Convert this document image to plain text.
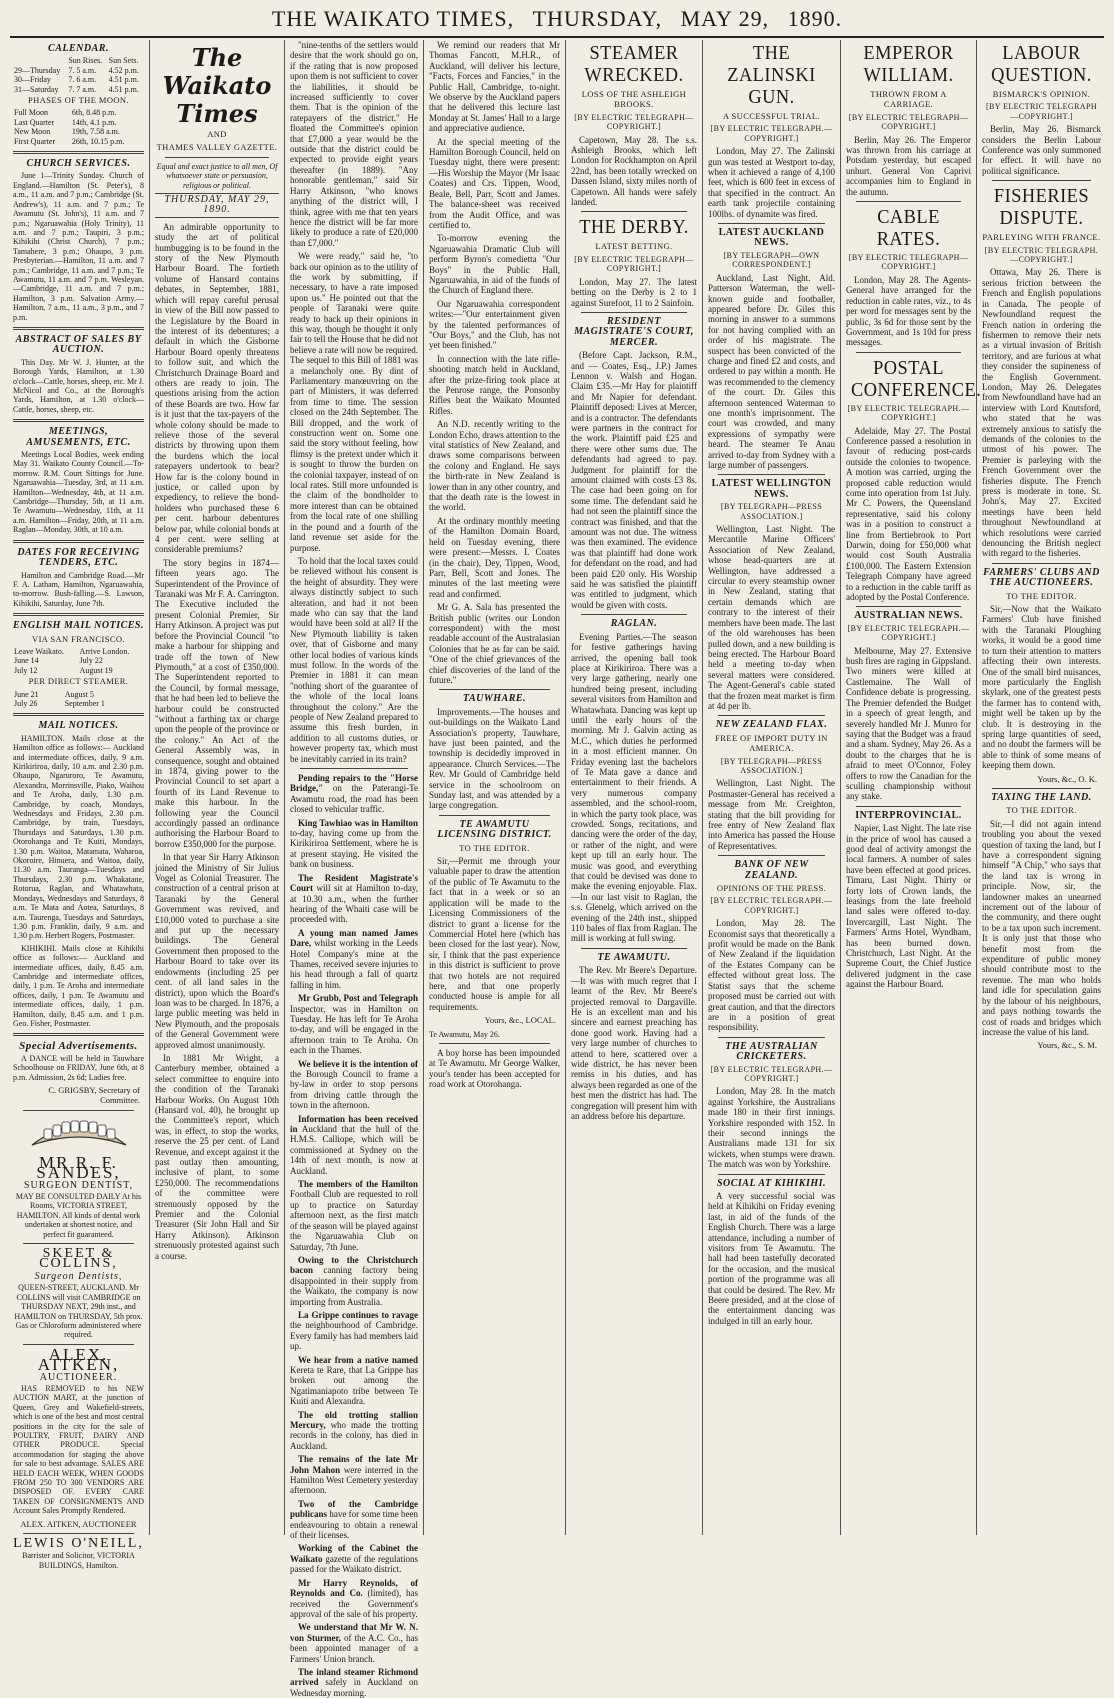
THE WAIKATO TIMES, THURSDAY, MAY 29, 1890.
CALENDAR.
	Sun Rises.	Sun Sets.
29—Thursday	7. 5 a.m.	4.52 p.m.
30—Friday	7. 6 a.m.	4.51 p.m.
31—Saturday	7. 7 a.m.	4.51 p.m.
PHASES OF THE MOON.
Full Moon	6th, 8.48 p.m.
Last Quarter	14th, 4.1 p.m.
New Moon	19th, 7.58 a.m.
First Quarter	26th, 10.15 p.m.
CHURCH SERVICES.

June 1—Trinity Sunday. Church of England.—Hamilton (St. Peter's), 8 a.m., 11 a.m. and 7 p.m.; Cambridge (St. Andrew's), 11 a.m. and 7 p.m.; Te Awamutu (St. John's), 11 a.m. and 7 p.m.; Ngaruawahia (Holy Trinity), 11 a.m. and 7 p.m.; Taupiri, 3 p.m.; Kihikihi (Christ Church), 7 p.m.; Tamahere, 3 p.m.; Ohaupo, 3 p.m. Presbyterian.—Hamilton, 11 a.m. and 7 p.m.; Cambridge, 11 a.m. and 7 p.m.; Te Awamutu, 11 a.m. and 7 p.m. Wesleyan.—Cambridge, 11 a.m. and 7 p.m.; Hamilton, 3 p.m. Salvation Army.—Hamilton, 7 a.m., 11 a.m., 3 p.m., and 7 p.m.

ABSTRACT OF SALES BY AUCTION.

This Day. Mr W. J. Hunter, at the Borough Yards, Hamilton, at 1.30 o'clock—Cattle, horses, sheep, etc. Mr J. McNicol and Co., at the Borough's Yards, Hamilton, at 1.30 o'clock—Cattle, horses, sheep, etc.

MEETINGS, AMUSEMENTS, ETC.

Meetings Local Bodies, week ending May 31. Waikato County Council.—To-morrow. R.M. Court Sittings for June. Ngaruawahia—Tuesday, 3rd, at 11 a.m. Hamilton—Wednesday, 4th, at 11 a.m. Cambridge—Thursday, 5th, at 11 a.m. Te Awamutu—Wednesday, 11th, at 11 a.m. Hamilton—Friday, 20th, at 11 a.m. Raglan—Monday, 30th, at 10 a.m.

DATES FOR RECEIVING TENDERS, ETC.

Hamilton and Cambridge Road.—Mr F. A. Latham, Hamilton, Ngaruawahia, to-morrow. Bush-falling.—S. Lawson, Kihikihi, Saturday, June 7th.

ENGLISH MAIL NOTICES.
VIA SAN FRANCISCO.
Leave Waikato.	Arrive London.
June 14	July 22
July 12	August 19
PER DIRECT STEAMER.
June 21	August 5
July 26	September 1
MAIL NOTICES.

HAMILTON. Mails close at the Hamilton office as follows:— Auckland and intermediate offices, daily, 9 a.m. Kirikiriroa, daily, 10 a.m. and 2.30 p.m. Ohaupo, Ngaruroro, Te Awamutu, Alexandra, Morrinsville, Piako, Waihou and Te Aroha, daily, 1.30 p.m. Cambridge, by coach, Mondays, Wednesdays and Fridays, 2.30 p.m. Cambridge, by train, Tuesdays, Thursdays and Saturdays, 1.30 p.m. Otorohanga and Te Kuiti, Mondays, 1.30 p.m. Waitoa, Matamata, Waharoa, Okoroire, Hinuera, and Waitoa, daily, 11.30 a.m. Tauranga—Tuesdays and Thursdays, 2.30 p.m. Whakatane, Rotorua, Raglan, and Whatawhata, Mondays, Wednesdays and Saturdays, 8 a.m. Te Mata and Aotea, Saturdays, 8 a.m. Taurenga, Tuesdays and Saturdays, 1.30 p.m. Franklin, daily, 9 a.m. and 1.30 p.m. Herbert Rogers, Postmaster.

KIHIKIHI. Mails close at Kihikihi office as follows:— Auckland and intermediate offices, daily, 8.45 a.m. Cambridge and intermediate offices, daily, 1 p.m. Te Aroha and intermediate offices, daily, 1 p.m. Te Awamutu and intermediate offices, daily, 1 p.m. Hamilton, daily, 8.45 a.m. and 1 p.m. Geo. Fisher, Postmaster.

Special Advertisements.

A DANCE will be held in Tauwhare Schoolhouse on FRIDAY, June 6th, at 8 p.m. Admission, 2s 6d; Ladies free.

C. GRIGSBY, Secretary of Committee.
MR R. F. SANDES,
SURGEON DENTIST,

MAY BE CONSULTED DAILY At his Rooms, VICTORIA STREET, HAMILTON. All kinds of dental work undertaken at shortest notice, and perfect fit guaranteed.

SKEET & COLLINS,
Surgeon Dentists,

QUEEN-STREET, AUCKLAND. Mr COLLINS will visit CAMBRIDGE on THURSDAY NEXT, 29th inst., and HAMILTON on THURSDAY, 5th prox. Gas or Chloroform administered where required.

ALEX. AITKEN,
AUCTIONEER.

HAS REMOVED to his NEW AUCTION MART, at the junction of Queen, Grey and Wakefield-streets, which is one of the best and most central positions in the city for the sale of POULTRY, FRUIT, DAIRY AND OTHER PRODUCE. Special accommodation for staging the above for sale to best advantage. SALES ARE HELD EACH WEEK, WHEN GOODS FROM 250 TO 300 VENDORS ARE DISPOSED OF. EVERY CARE TAKEN OF CONSIGNMENTS AND Account Sales Promptly Rendered.

ALEX. AITKEN, AUCTIONEER
LEWIS O'NEILL,

Barrister and Solicitor, VICTORIA BUILDINGS, Hamilton.

The Waikato Times
AND
THAMES VALLEY GAZETTE.

Equal and exact justice to all men, Of whatsoever state or persuasion, religious or political.

THURSDAY, MAY 29, 1890.

An admirable opportunity to study the art of political humbugging is to be found in the story of the New Plymouth Harbour Board. The fortieth volume of Hansard contains debates, in September, 1881, which will repay careful perusal in view of the Bill now passed to the Legislature by the Board in the interest of its debentures; a default in which the Gisborne Harbour Board openly threatens to follow suit, and which the Christchurch Drainage Board and others are ready to join. The questions arising from the action of these Boards are two. How far is it just that the tax-payers of the whole colony should be made to relieve those of the several districts by throwing upon them the burdens which the local ratepayers undertook to bear? How far is the colony bound in justice, or called upon by expediency, to relieve the bond-holders who purchased these 6 per cent. harbour debentures below par, while colonial bonds at 4 per cent. were selling at considerable premiums?

The story begins in 1874—fifteen years ago. The Superintendent of the Province of Taranaki was Mr F. A. Carrington. The Executive included the present Colonial Premier, Sir Harry Atkinson. A project was put before the Provincial Council "to make a harbour for shipping and trade off the town of New Plymouth," at a cost of £350,000. The Superintendent reported to the Council, by formal message, that he had been led to believe the harbour could be constructed "without a farthing tax or charge upon the people of the province or the colony." An Act of the General Assembly was, in consequence, sought and obtained in 1874, giving power to the Provincial Council to set apart a fourth of its Land Revenue to make this harbour. In the following year the Council accordingly passed an ordinance authorising the Harbour Board to borrow £350,000 for the purpose.

In that year Sir Harry Atkinson joined the Ministry of Sir Julius Vogel as Colonial Treasurer. The construction of a central prison at Taranaki by the General Government was revived, and £10,000 voted to purchase a site and put up the necessary buildings. The General Government then proposed to the Harbour Board to take over its endowments (including 25 per cent. of all land sales in the district), upon which the Board's loan was to be charged. In 1876, a large public meeting was held in New Plymouth, and the proposals of the General Government were approved almost unanimously.

In 1881 Mr Wright, a Canterbury member, obtained a select committee to enquire into the condition of the Taranaki Harbour Works. On August 10th (Hansard vol. 40), he brought up the Committee's report, which was, in effect, to stop the works, reserve the 25 per cent. of Land Revenue, and except against it the past outlay then amounting, inclusive of plant, to some £250,000. The recommendations of the committee were strenuously opposed by the Premier and the Colonial Treasurer (Sir John Hall and Sir Harry Atkinson). Atkinson strenuously protested against such a course.

"nine-tenths of the settlers would desire that the work should go on, if the rating that is now proposed upon them is not sufficient to cover the liabilities, it should be increased sufficiently to cover them. That is the opinion of the ratepayers of the district." He floated the Committee's opinion that £7,000 a year would be the outside that the district could be expected to provide eight years thereafter (in 1889). "Any honorable gentleman," said Sir Harry Atkinson, "who knows anything of the district will, I think, agree with me that ten years hence the district will be far more likely to produce a rate of £20,000 than £7,000."

We were ready," said he, "to back our opinion as to the utility of the work by submitting, if necessary, to have a rate imposed upon us." He pointed out that the people of Taranaki were quite ready to back up their opinions in this way, though he thought it only fair to tell the House that he did not believe a rate will now be required. The sequel to this Bill of 1881 was a melancholy one. By dint of Parliamentary manœuvring on the part of Ministers, it was deferred from time to time. The session closed on the 24th September. The Bill dropped, and the work of construction went on. Some one said the story without feeling, how flimsy is the pretext under which it is sought to throw the burden on the colonial taxpayer, instead of on local rates. Still more unfounded is the claim of the bondholder to more interest than can be obtained from the local rate of one shilling in the pound and a fourth of the land revenue set aside for the purpose.

To hold that the local taxes could be relieved without his consent is the height of absurdity. They were always distinctly subject to such alteration, and had it not been made who can say that the land would have been sold at all? If the New Plymouth liability is taken over, that of Gisborne and many other local bodies of various kinds must follow. In the words of the Premier in 1881 it can mean "nothing short of the guarantee of the whole of the local loans throughout the colony." Are the people of New Zealand prepared to assume this fresh burden, in addition to all customs duties, or however property tax, which must be inevitably carried in its train?

Pending repairs to the "Horse Bridge," on the Paterangi-Te Awamutu road, the road has been closed to vehicular traffic.

King Tawhiao was in Hamilton to-day, having come up from the Kirikiriroa Settlement, where he is at present staying. He visited the bank on business.

The Resident Magistrate's Court will sit at Hamilton to-day, at 10.30 a.m., when the further hearing of the Whaiti case will be proceeded with.

A young man named James Dare, whilst working in the Leeds Hotel Company's mine at the Thames, received severe injuries to his head through a fall of quartz falling in him.

Mr Grubb, Post and Telegraph Inspector, was in Hamilton on Tuesday. He has left for Te Aroha to-day, and will be engaged in the afternoon train to Te Aroha. On each in the Thames.

We believe it is the intention of the Borough Council to frame a by-law in order to stop persons from driving cattle through the town in the afternoon.

Information has been received in Auckland that the hull of the H.M.S. Calliope, which will be commissioned at Sydney on the 14th of next month, is now at Auckland.

The members of the Hamilton Football Club are requested to roll up to practice on Saturday afternoon next, as the first match of the season will be played against the Ngaruawahia Club on Saturday, 7th June.

Owing to the Christchurch bacon canning factory being disappointed in their supply from the Waikato, the company is now importing from Australia.

La Grippe continues to ravage the neighbourhood of Cambridge. Every family has had members laid up.

We hear from a native named Kereta te Rare, that La Grippe has broken out among the Ngatimaniapoto tribe between Te Kuiti and Alexandra.

The old trotting stallion Mercury, who made the trotting records in the colony, has died in Auckland.

The remains of the late Mr John Mahon were interred in the Hamilton West Cemetery yesterday afternoon.

Two of the Cambridge publicans have for some time been endeavouring to obtain a renewal of their licenses.

Working of the Cabinet the Waikato gazette of the regulations passed for the Waikato district.

Mr Harry Reynolds, of Reynolds and Co. (limited), has received the Government's approval of the sale of his property.

We understand that Mr W. N. von Sturmer, of the A.C. Co., has been appointed manager of a Farmers' Union branch.

The inland steamer Richmond arrived safely in Auckland on Wednesday morning.

We remind our readers that Mr Thomas Fancott, M.H.R., of Auckland, will deliver his lecture, "Facts, Forces and Fancies," in the Public Hall, Cambridge, to-night. We observe by the Auckland papers that he delivered this lecture last Monday at St. James' Hall to a large and appreciative audience.

At the special meeting of the Hamilton Borough Council, held on Tuesday night, there were present:—His Worship the Mayor (Mr Isaac Coates) and Crs. Tippen, Wood, Beale, Bell, Parr, Scott and James. The balance-sheet was received from the Audit Office, and was certified to.

To-morrow evening the Ngaruawahia Dramatic Club will perform Byron's comedietta "Our Boys" in the Public Hall, Ngaruawahia, in aid of the funds of the Church of England there.

Our Ngaruawahia correspondent writes:—"Our entertainment given by the talented performances of "Our Boys," and the Club, has not yet been finished."

In connection with the late rifle-shooting match held in Auckland, after the prize-firing took place at the Penrose range, the Ponsonby Rifles beat the Waikato Mounted Rifles.

An N.D. recently writing to the London Echo, draws attention to the vital statistics of New Zealand, and draws some comparisons between the colony and England. He says the birth-rate in New Zealand is lower than in any other country, and that the death rate is the lowest in the world.

At the ordinary monthly meeting of the Hamilton Domain Board, held on Tuesday evening, there were present:—Messrs. I. Coates (in the chair), Dey, Tippen, Wood, Parr, Bell, Scott and Jones. The minutes of the last meeting were read and confirmed.

Mr G. A. Sala has presented the British public (writes our London correspondent) with the most readable account of the Australasian Colonies that he as far can be said. "One of the chief grievances of the chief discoveries of the land of the future."

TAUWHARE.

Improvements.—The houses and out-buildings on the Waikato Land Association's property, Tauwhare, have just been painted, and the township is decidedly improved in appearance. Church Services.—The Rev. Mr Gould of Cambridge held service in the schoolroom on Sunday last, and was attended by a large congregation.

TE AWAMUTU LICENSING DISTRICT.
TO THE EDITOR.

Sir,—Permit me through your valuable paper to draw the attention of the public of Te Awamutu to the fact that in a week or so an application will be made to the Licensing Commissioners of the district to grant a license for the Commercial Hotel here (which has been closed for the last year). Now, sir, I think that the past experience in this district is sufficient to prove that two hotels are not required here, and that one properly conducted house is ample for all requirements.

Yours, &c., LOCAL.

Te Awamutu, May 26.

A boy horse has been impounded at Te Awamutu. Mr George Walker, your's tender has been accepted for road work at Otorohanga.

STEAMER WRECKED.
LOSS OF THE ASHLEIGH BROOKS.
[BY ELECTRIC TELEGRAPH—COPYRIGHT.]

Capetown, May 28. The s.s. Ashleigh Brooks, which left London for Rockhampton on April 22nd, has been totally wrecked on Dassen Island, sixty miles north of Capetown. All hands were safely landed.

THE DERBY.
LATEST BETTING.
[BY ELECTRIC TELEGRAPH—COPYRIGHT.]

London, May 27. The latest betting on the Derby is 2 to 1 against Surefoot, 11 to 2 Sainfoin.

RESIDENT MAGISTRATE'S COURT, MERCER.

(Before Capt. Jackson, R.M., and — Coates, Esq., J.P.) James Lennon v. Walsh and Hogan. Claim £35.—Mr Hay for plaintiff and Mr Napier for defendant. Plaintiff deposed: Lives at Mercer, and is a contractor. The defendants were partners in the contract for the work. Plaintiff paid £25 and there were other sums due. The defendants had agreed to pay. Judgment for plaintiff for the amount claimed with costs £3 8s. The case had been going on for some time. The defendant said he had not seen the plaintiff since the contract was finished, and that the amount was not due. The witness was then examined. The evidence was that plaintiff had done work for defendant on the road, and had been paid £20 only. His Worship said he was satisfied the plaintiff was entitled to judgment, which would be given with costs.

RAGLAN.

Evening Parties.—The season for festive gatherings having arrived, the opening ball took place at Kirikiriroa. There was a very large gathering, nearly one hundred being present, including several visitors from Hamilton and Whatawhata. Dancing was kept up until the early hours of the morning. Mr J. Galvin acting as M.C., which duties he performed in a most efficient manner. On Friday evening last the bachelors of Te Mata gave a dance and entertainment to their friends. A very numerous company assembled, and the school-room, in which the party took place, was crowded. Songs, recitations, and dancing were the order of the day, or rather of the night, and were kept up till an early hour. The music was good, and everything that could be devised was done to make the evening enjoyable. Flax.—In our last visit to Raglan, the s.s. Glenelg, which arrived on the evening of the 24th inst., shipped 110 bales of flax from Raglan. The mill is working at full swing.

TE AWAMUTU.

The Rev. Mr Beere's Departure.—It was with much regret that I learnt of the Rev. Mr Beere's projected removal to Dargaville. He is an excellent man and his sincere and earnest preaching has done good work. Having had a very large number of churches to attend to here, scattered over a wide district, he has never been remiss in his duties, and has always been regarded as one of the best men the district has had. The congregation will present him with an address before his departure.

THE ZALINSKI GUN.
A SUCCESSFUL TRIAL.
[BY ELECTRIC TELEGRAPH.—COPYRIGHT.]

London, May 27. The Zalinski gun was tested at Westport to-day, when it achieved a range of 4,100 feet, which is 600 feet in excess of that specified in the contract. An earth tank projectile containing 100lbs. of dynamite was fired.

LATEST AUCKLAND NEWS.
[BY TELEGRAPH—OWN CORRESPONDENT.]

Auckland, Last Night. Ald. Patterson Waterman, the well-known guide and footballer, appeared before Dr. Giles this morning in answer to a summons for not having complied with an order of his magistrate. The suspect has been convicted of the charge and fined £2 and costs, and ordered to pay within a month. He was recommended to the clemency of the court. Dr. Giles this afternoon sentenced Waterman to one month's imprisonment. The court was crowded, and many expressions of sympathy were heard. The steamer Te Anau arrived to-day from Sydney with a large number of passengers.

LATEST WELLINGTON NEWS.
[BY TELEGRAPH—PRESS ASSOCIATION.]

Wellington, Last Night. The Mercantile Marine Officers' Association of New Zealand, whose head-quarters are at Wellington, have addressed a circular to every steamship owner in New Zealand, stating that certain demands which are contrary to the interest of their members have been made. The last of the old warehouses has been pulled down, and a new building is being erected. The Harbour Board held a meeting to-day when several matters were considered. The Agent-General's cable stated that the frozen meat market is firm at 4d per lb.

NEW ZEALAND FLAX.
FREE OF IMPORT DUTY IN AMERICA.
[BY TELEGRAPH—PRESS ASSOCIATION.]

Wellington, Last Night. The Postmaster-General has received a message from Mr. Creighton, stating that the bill providing for free entry of New Zealand flax into America has passed the House of Representatives.

BANK OF NEW ZEALAND.
OPINIONS OF THE PRESS.
[BY ELECTRIC TELEGRAPH.—COPYRIGHT.]

London, May 28. The Economist says that theoretically a profit would be made on the Bank of New Zealand if the liquidation of the Estates Company can be effected without great loss. The Statist says that the scheme proposed must be carried out with great caution, and that the directors are in a position of great responsibility.

THE AUSTRALIAN CRICKETERS.
[BY ELECTRIC TELEGRAPH.—COPYRIGHT.]

London, May 28. In the match against Yorkshire, the Australians made 180 in their first innings. Yorkshire responded with 152. In their second innings the Australians made 131 for six wickets, when stumps were drawn. The match was won by Yorkshire.

SOCIAL AT KIHIKIHI.

A very successful social was held at Kihikihi on Friday evening last, in aid of the funds of the English Church. There was a large attendance, including a number of visitors from Te Awamutu. The hall had been tastefully decorated for the occasion, and the musical portion of the programme was all that could be desired. The Rev. Mr Beere presided, and at the close of the entertainment dancing was indulged in till an early hour.

EMPEROR WILLIAM.
THROWN FROM A CARRIAGE.
[BY ELECTRIC TELEGRAPH—COPYRIGHT.]

Berlin, May 26. The Emperor was thrown from his carriage at Potsdam yesterday, but escaped unhurt. General Von Caprivi accompanies him to England in the autumn.

CABLE RATES.
[BY ELECTRIC TELEGRAPH—COPYRIGHT.]

London, May 28. The Agents-General have arranged for the reduction in cable rates, viz., to 4s per word for messages sent by the public, 3s 6d for those sent by the Government, and 1s 10d for press messages.

POSTAL CONFERENCE.
[BY ELECTRIC TELEGRAPH.—COPYRIGHT.]

Adelaide, May 27. The Postal Conference passed a resolution in favour of reducing post-cards outside the colonies to twopence. A motion was carried, urging the proposed cable reduction would come into operation from 1st July. Mr C. Powers, the Queensland representative, said his colony was in a position to construct a line from Bertiebrook to Port Darwin, doing for £50,000 what would cost South Australia £100,000. The Eastern Extension Telegraph Company have agreed to a reduction in the cable tariff as adopted by the Postal Conference.

AUSTRALIAN NEWS.
[BY ELECTRIC TELEGRAPH.—COPYRIGHT.]

Melbourne, May 27. Extensive bush fires are raging in Gippsland. Two miners were killed at Castlemaine. The Wall of Confidence debate is progressing. The Premier defended the Budget in a speech of great length, and severely handled Mr J. Munro for saying that the Budget was a fraud and a sham. Sydney, May 26. As a doubt to the charges that he is afraid to meet O'Connor, Foley offers to row the Canadian for the sculling championship without any stake.

INTERPROVINCIAL.

Napier, Last Night. The late rise in the price of wool has caused a good deal of activity amongst the local farmers. A number of sales have been effected at good prices. Timaru, Last Night. Thirty or forty lots of Crown lands, the leasings from the late freehold land sales were offered to-day. Invercargill, Last Night. The Farmers' Arms Hotel, Wyndham, has been burned down. Christchurch, Last Night. At the Supreme Court, the Chief Justice delivered judgment in the case against the Harbour Board.

LABOUR QUESTION.
BISMARCK'S OPINION.
[BY ELECTRIC TELEGRAPH—COPYRIGHT.]

Berlin, May 26. Bismarck considers the Berlin Labour Conference was only summoned for effect. It will have no political significance.

FISHERIES DISPUTE.
PARLEYING WITH FRANCE.
[BY ELECTRIC TELEGRAPH.—COPYRIGHT.]

Ottawa, May 26. There is serious friction between the French and English populations in Canada. The people of Newfoundland request the French nation in ordering the fishermen to remove their nets as a virtual invasion of British territory, and are furious at what they consider the supineness of the English Government. London, May 26. Delegates from Newfoundland have had an interview with Lord Knutsford, who stated that he was extremely anxious to satisfy the demands of the colonies to the utmost of his power. The Premier is parleying with the French Government over the fisheries dispute. The French press is moderate in tone. St. John's, May 27. Excited meetings have been held throughout Newfoundland at which resolutions were carried denouncing the British neglect with regard to the fisheries.

FARMERS' CLUBS AND THE AUCTIONEERS.
TO THE EDITOR.

Sir,—Now that the Waikato Farmers' Club have finished with the Taranaki Ploughing works, it would be a good time to turn their attention to matters affecting their own interests. One of the small bird nuisances, more particularly the English skylark, one of the greatest pests the farmer has to contend with, might well be taken up by the club. It is destroying in the spring large quantities of seed, and no doubt the farmers will be able to think of some means of keeping them down.

Yours, &c., O. K.
TAXING THE LAND.
TO THE EDITOR.

Sir,—I did not again intend troubling you about the vexed question of taxing the land, but I have a correspondent signing himself "A Chip," who says that the land tax is wrong in principle. Now, sir, the landowner makes an unearned increment out of the labour of the community, and there ought to be a tax upon such increment. It is only just that those who benefit most from the expenditure of public money should contribute most to the revenue. The man who holds land idle for speculation gains by the labour of his neighbours, and pays nothing towards the cost of roads and bridges which increase the value of his land.

Yours, &c., S. M.
